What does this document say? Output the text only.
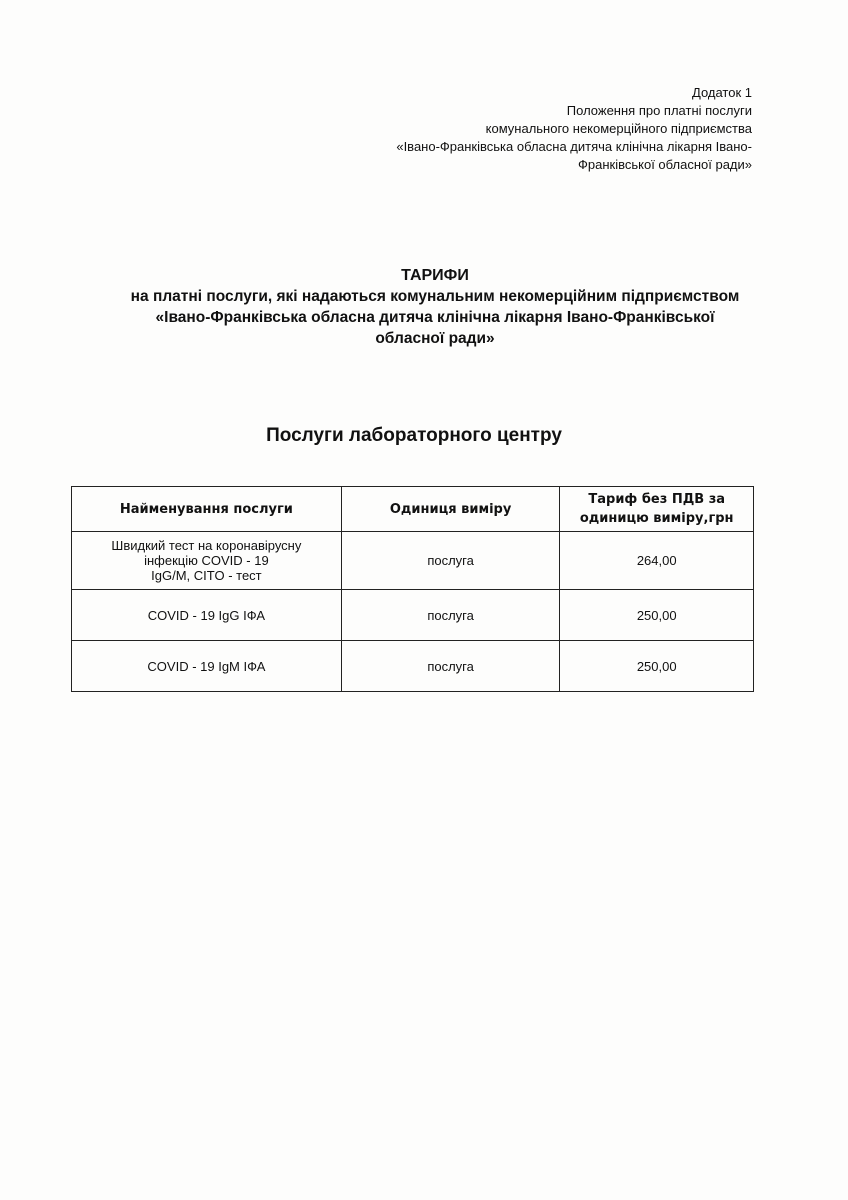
Додаток 1
Положення про платні послуги
комунального некомерційного підприємства
«Івано-Франківська обласна дитяча клінічна лікарня Івано-
Франківської обласної ради»
ТАРИФИ
на платні послуги, які надаються комунальним некомерційним підприємством
«Івано-Франківська обласна дитяча клінічна лікарня Івано-Франківської
обласної ради»
Послуги лабораторного центру
Найменування послуги	Одиниця виміру	Тариф без ПДВ за одиницю виміру,грн
Швидкий тест на коронавірусну
інфекцію COVID - 19
IgG/M, CITO - тест	послуга	264,00
COVID - 19 IgG ІФА	послуга	250,00
COVID - 19 IgM ІФА	послуга	250,00
